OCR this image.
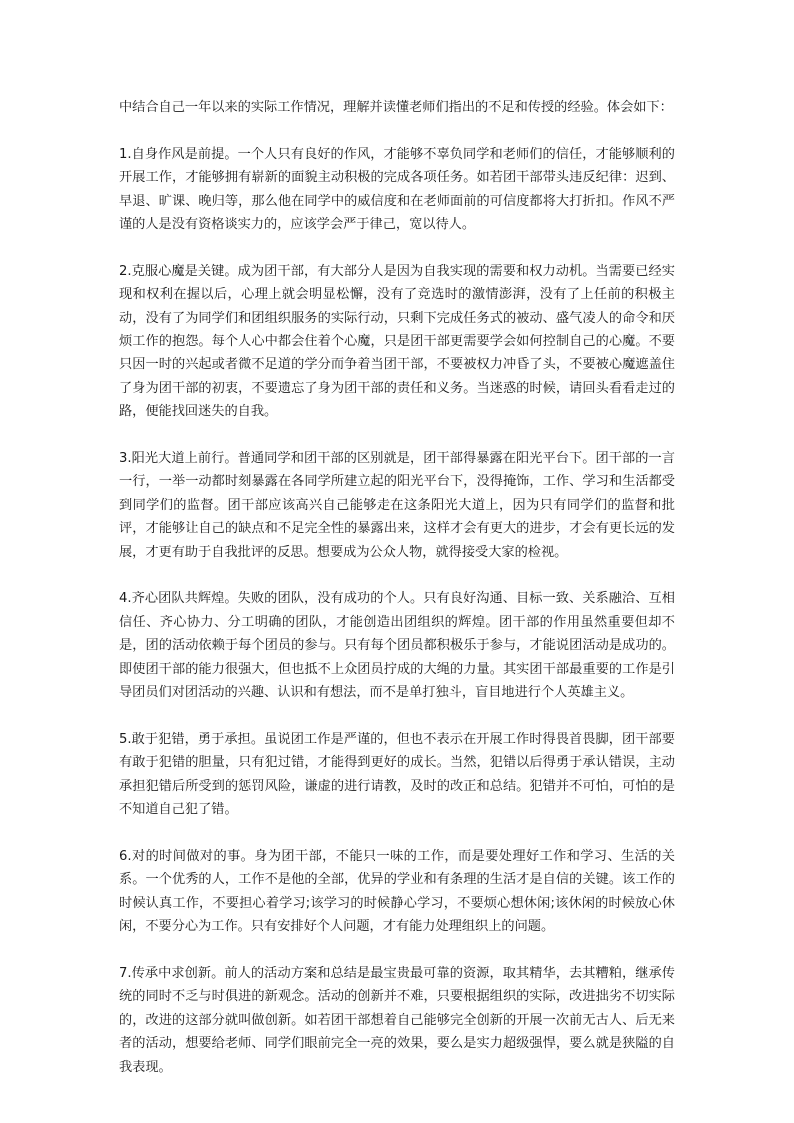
中结合自己一年以来的实际工作情况，理解并读懂老师们指出的不足和传授的经验。体会如下：

1.自身作风是前提。一个人只有良好的作风，才能够不辜负同学和老师们的信任，才能够顺利的开展工作，才能够拥有崭新的面貌主动积极的完成各项任务。如若团干部带头违反纪律：迟到、早退、旷课、晚归等，那么他在同学中的威信度和在老师面前的可信度都将大打折扣。作风不严谨的人是没有资格谈实力的，应该学会严于律己，宽以待人。

2.克服心魔是关键。成为团干部，有大部分人是因为自我实现的需要和权力动机。当需要已经实现和权利在握以后，心理上就会明显松懈，没有了竞选时的激情澎湃，没有了上任前的积极主动，没有了为同学们和团组织服务的实际行动，只剩下完成任务式的被动、盛气凌人的命令和厌烦工作的抱怨。每个人心中都会住着个心魔，只是团干部更需要学会如何控制自己的心魔。不要只因一时的兴起或者微不足道的学分而争着当团干部，不要被权力冲昏了头，不要被心魔遮盖住了身为团干部的初衷，不要遗忘了身为团干部的责任和义务。当迷惑的时候，请回头看看走过的路，便能找回迷失的自我。

3.阳光大道上前行。普通同学和团干部的区别就是，团干部得暴露在阳光平台下。团干部的一言一行，一举一动都时刻暴露在各同学所建立起的阳光平台下，没得掩饰，工作、学习和生活都受到同学们的监督。团干部应该高兴自己能够走在这条阳光大道上，因为只有同学们的监督和批评，才能够让自己的缺点和不足完全性的暴露出来，这样才会有更大的进步，才会有更长远的发展，才更有助于自我批评的反思。想要成为公众人物，就得接受大家的检视。

4.齐心团队共辉煌。失败的团队，没有成功的个人。只有良好沟通、目标一致、关系融洽、互相信任、齐心协力、分工明确的团队，才能创造出团组织的辉煌。团干部的作用虽然重要但却不是，团的活动依赖于每个团员的参与。只有每个团员都积极乐于参与，才能说团活动是成功的。即使团干部的能力很强大，但也抵不上众团员拧成的大绳的力量。其实团干部最重要的工作是引导团员们对团活动的兴趣、认识和有想法，而不是单打独斗，盲目地进行个人英雄主义。

5.敢于犯错，勇于承担。虽说团工作是严谨的，但也不表示在开展工作时得畏首畏脚，团干部要有敢于犯错的胆量，只有犯过错，才能得到更好的成长。当然，犯错以后得勇于承认错误，主动承担犯错后所受到的惩罚风险，谦虚的进行请教，及时的改正和总结。犯错并不可怕，可怕的是不知道自己犯了错。

6.对的时间做对的事。身为团干部，不能只一味的工作，而是要处理好工作和学习、生活的关系。一个优秀的人，工作不是他的全部，优异的学业和有条理的生活才是自信的关键。该工作的时候认真工作，不要担心着学习;该学习的时候静心学习，不要烦心想休闲;该休闲的时候放心休闲，不要分心为工作。只有安排好个人问题，才有能力处理组织上的问题。

7.传承中求创新。前人的活动方案和总结是最宝贵最可靠的资源，取其精华，去其糟粕，继承传统的同时不乏与时俱进的新观念。活动的创新并不难，只要根据组织的实际，改进拙劣不切实际的，改进的这部分就叫做创新。如若团干部想着自己能够完全创新的开展一次前无古人、后无来者的活动，想要给老师、同学们眼前完全一亮的效果，要么是实力超级强悍，要么就是狭隘的自我表现。
